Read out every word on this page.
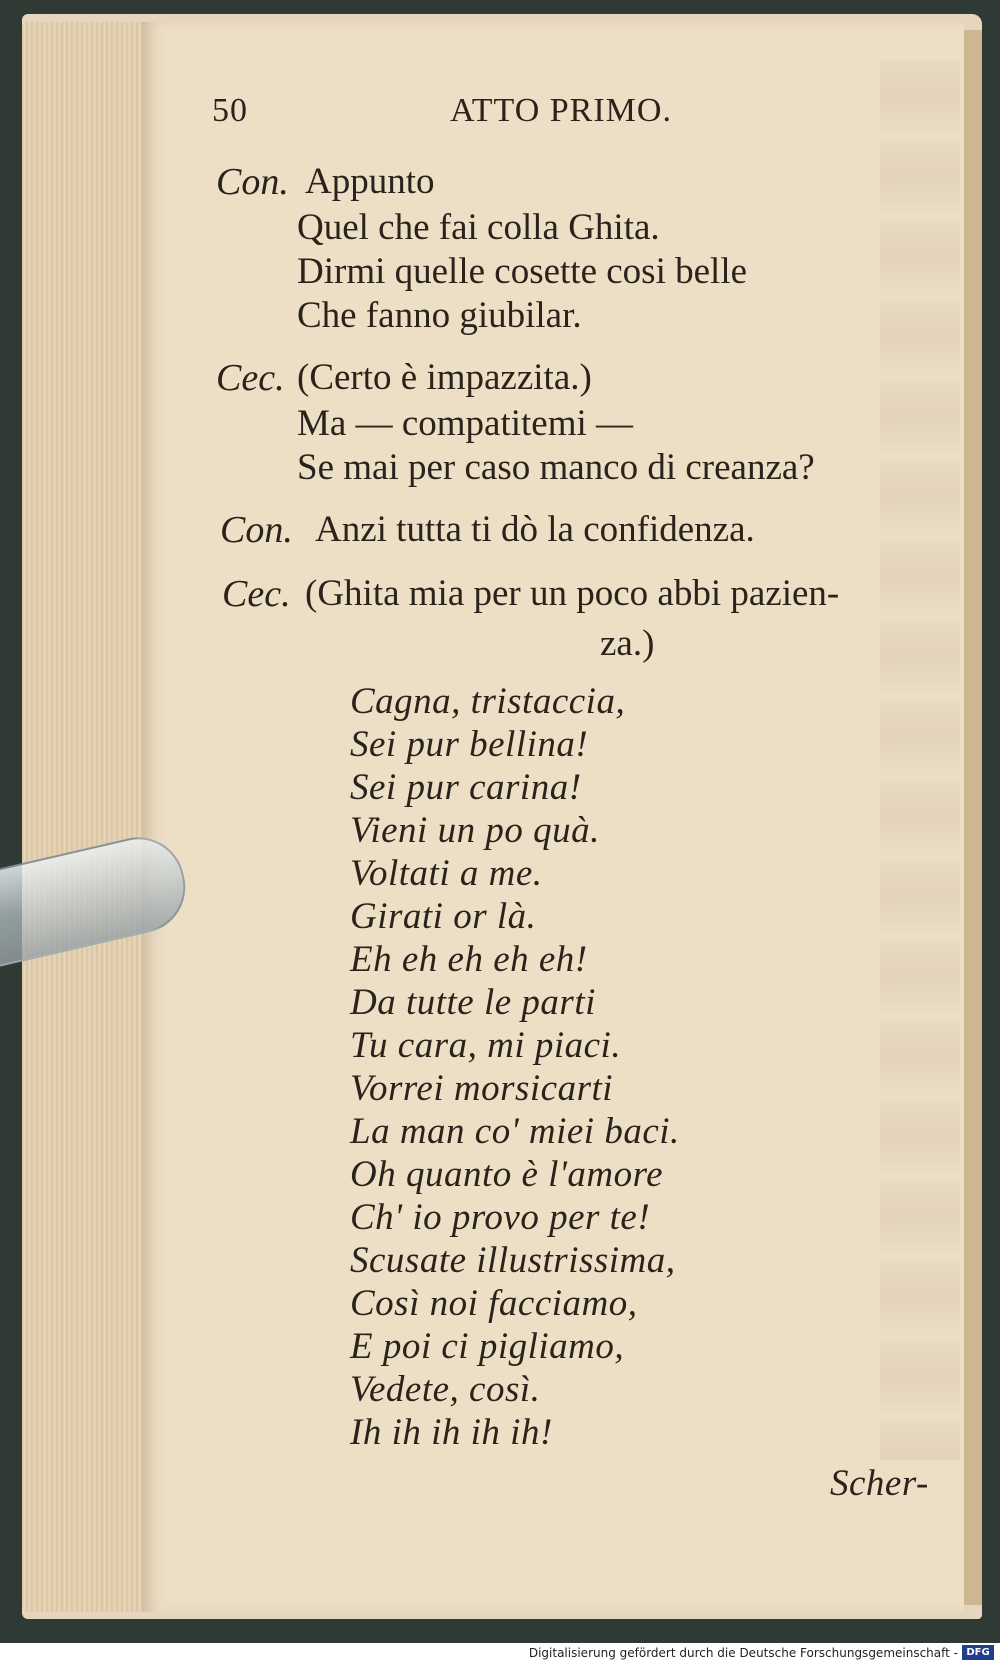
50	ATTO PRIMO.
Con. Appunto
Quel che fai colla Ghita.
Dirmi quelle cosette cosi belle
Che fanno giubilar.
Cec. (Certo è impazzita.)
Ma — compatitemi —
Se mai per caso manco di creanza?
Con. Anzi tutta ti dò la confidenza.
Cec. (Ghita mia per un poco abbi pazien-
za.)
Cagna, tristaccia,
Sei pur bellina!
Sei pur carina!
Vieni un po quà.
Voltati a me.
Girati or là.
Eh eh eh eh eh!
Da tutte le parti
Tu cara, mi piaci.
Vorrei morsicarti
La man co' miei baci.
Oh quanto è l'amore
Ch' io provo per te!
Scusate illustrissima,
Così noi facciamo,
E poi ci pigliamo,
Vedete, così.
Ih ih ih ih ih!
Scher-
Digitalisierung gefördert durch die Deutsche Forschungsgemeinschaft - DFG
